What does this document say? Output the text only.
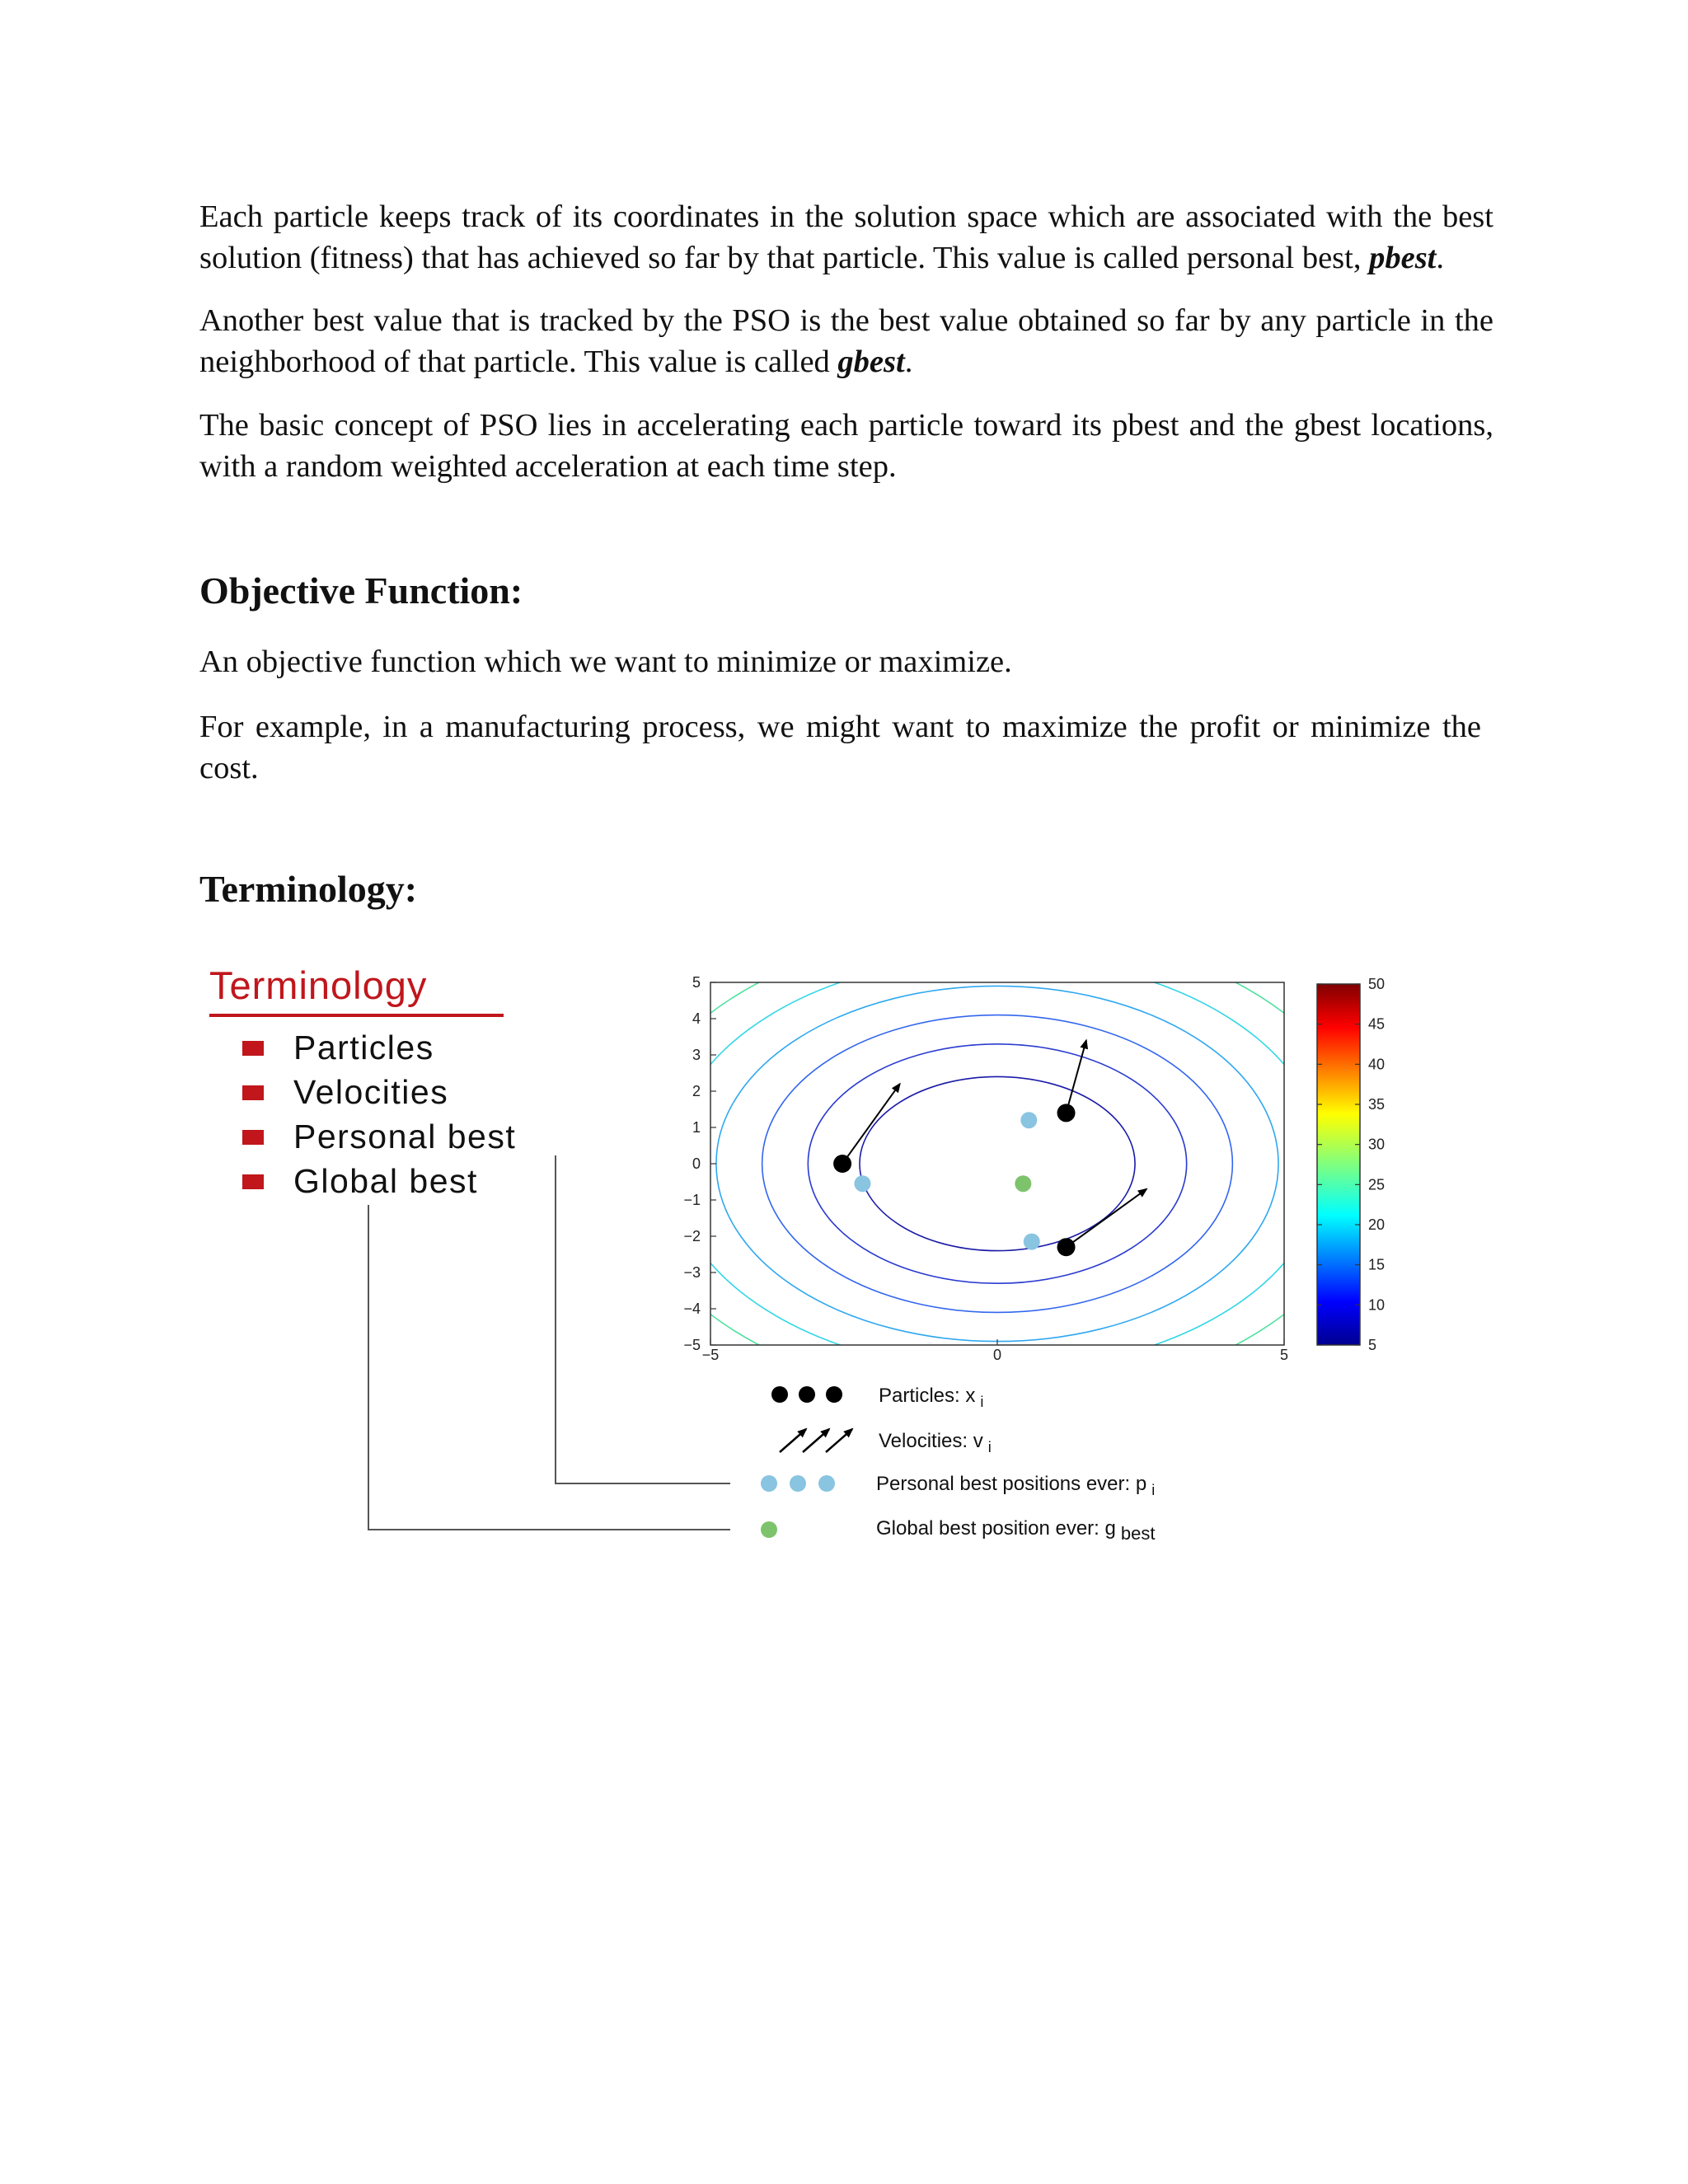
Each particle keeps track of its coordinates in the solution space which are associated with the best solution (fitness) that has achieved so far by that particle. This value is called personal best, pbest.

Another best value that is tracked by the PSO is the best value obtained so far by any particle in the neighborhood of that particle. This value is called gbest.

The basic concept of PSO lies in accelerating each particle toward its pbest and the gbest locations, with a random weighted acceleration at each time step.

Objective Function:

An objective function which we want to minimize or maximize.

For example, in a manufacturing process, we might want to maximize the profit or minimize the cost.

Terminology:
Terminology
Particles
Velocities
Personal best
Global best
5
4
3
2
1
0
−1
−2
−3
−4
−5
−5	0	5
50
45
40
35
30
25
20
15
10
5
Particles: x $_i$
Velocities: v $_i$
Personal best positions ever: p $_i$
Global best position ever: g best
